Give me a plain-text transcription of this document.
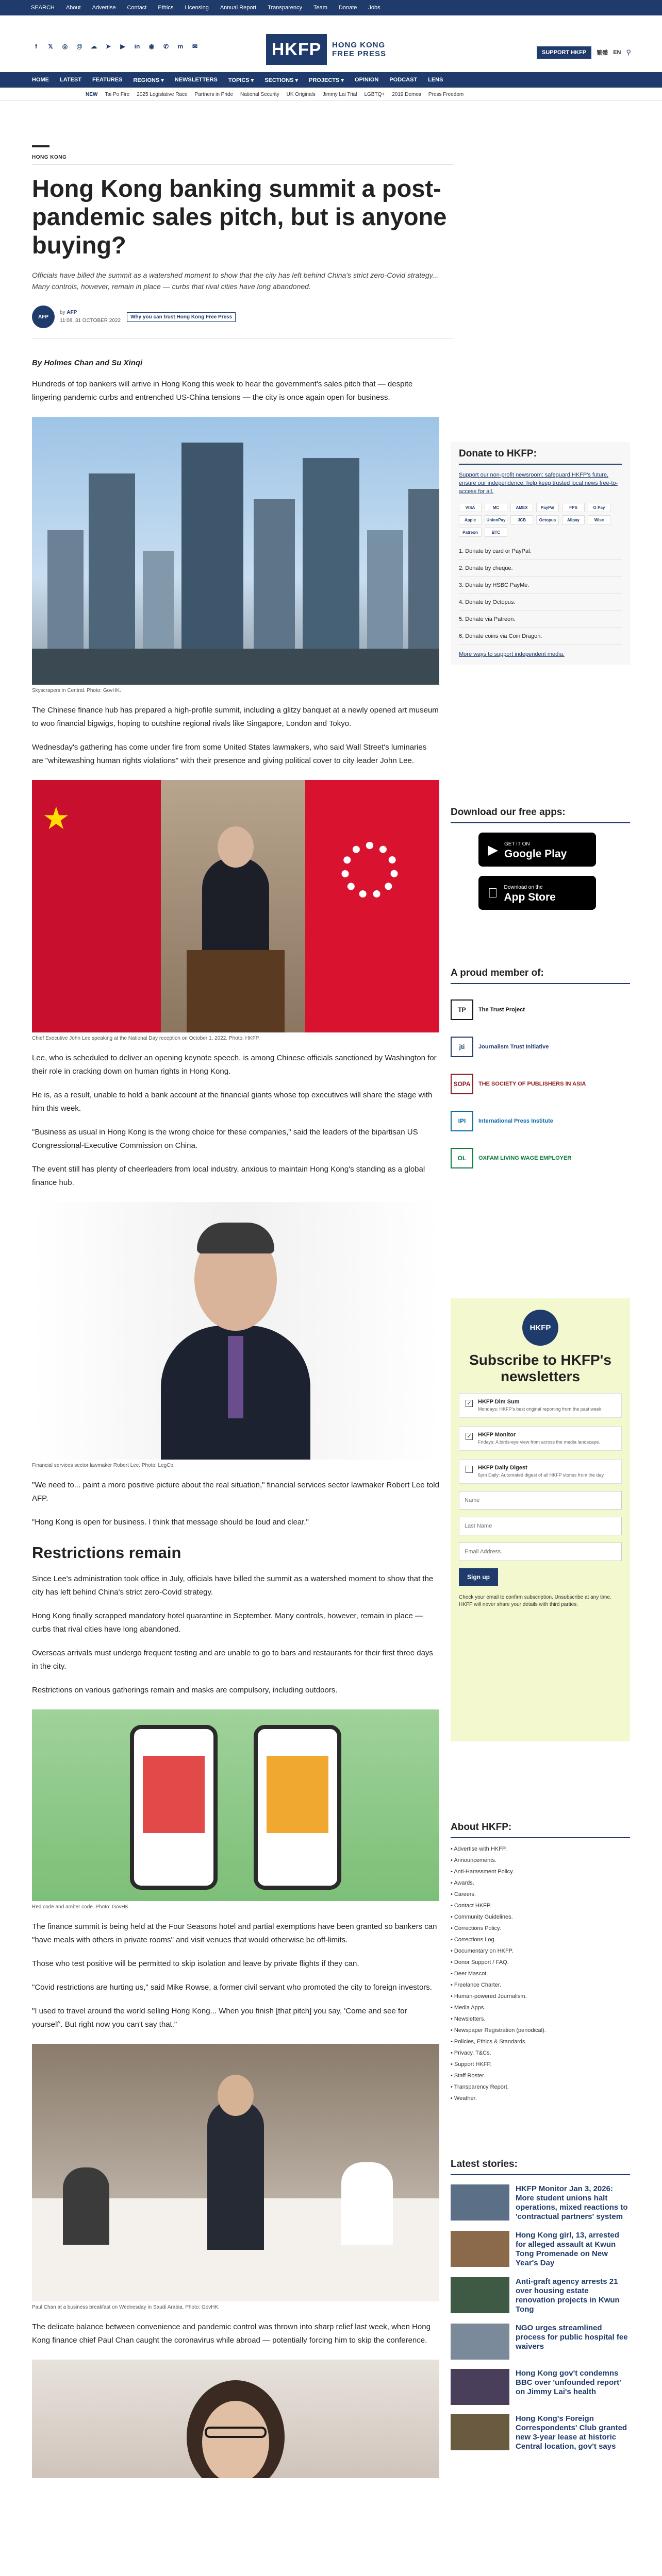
SEARCH About Advertise Contact Ethics Licensing Annual Report Transparency Team Donate Jobs
f	𝕏 ◎ @ ☁ ➤ ▶ in ◉ ✆ m ✉	HKFP	HONG KONG
FREE PRESS	SUPPORT HKFP	繁體 EN ⚲
HOME LATEST FEATURES REGIONS ▾ NEWSLETTERS TOPICS ▾ SECTIONS ▾ PROJECTS ▾ OPINION PODCAST LENS
NEW Tai Po Fire 2025 Legislative Race Partners in Pride National Security UK Originals Jimmy Lai Trial LGBTQ+ 2019 Demos Press Freedom
HONG KONG
Hong Kong banking summit a post-pandemic sales pitch, but is anyone buying?

Officials have billed the summit as a watershed moment to show that the city has left behind China's strict zero-Covid strategy... Many controls, however, remain in place — curbs that rival cities have long abandoned.

AFP
by AFP
11:08, 31 OCTOBER 2022
Why you can trust Hong Kong Free Press
By Holmes Chan and Su Xinqi

Hundreds of top bankers will arrive in Hong Kong this week to hear the government's sales pitch that — despite lingering pandemic curbs and entrenched US-China tensions — the city is once again open for business.

Skyscrapers in Central. Photo: GovHK.

The Chinese finance hub has prepared a high-profile summit, including a glitzy banquet at a newly opened art museum to woo financial bigwigs, hoping to outshine regional rivals like Singapore, London and Tokyo.

Wednesday's gathering has come under fire from some United States lawmakers, who said Wall Street's luminaries are "whitewashing human rights violations" with their presence and giving political cover to city leader John Lee.

★
Chief Executive John Lee speaking at the National Day reception on October 1, 2022. Photo: HKFP.

Lee, who is scheduled to deliver an opening keynote speech, is among Chinese officials sanctioned by Washington for their role in cracking down on human rights in Hong Kong.

He is, as a result, unable to hold a bank account at the financial giants whose top executives will share the stage with him this week.

"Business as usual in Hong Kong is the wrong choice for these companies," said the leaders of the bipartisan US Congressional-Executive Commission on China.

The event still has plenty of cheerleaders from local industry, anxious to maintain Hong Kong's standing as a global finance hub.

Financial services sector lawmaker Robert Lee. Photo: LegCo.

"We need to... paint a more positive picture about the real situation," financial services sector lawmaker Robert Lee told AFP.

"Hong Kong is open for business. I think that message should be loud and clear."

Restrictions remain

Since Lee's administration took office in July, officials have billed the summit as a watershed moment to show that the city has left behind China's strict zero-Covid strategy.

Hong Kong finally scrapped mandatory hotel quarantine in September. Many controls, however, remain in place — curbs that rival cities have long abandoned.

Overseas arrivals must undergo frequent testing and are unable to go to bars and restaurants for their first three days in the city.

Restrictions on various gatherings remain and masks are compulsory, including outdoors.

Red code and amber code. Photo: GovHK.

The finance summit is being held at the Four Seasons hotel and partial exemptions have been granted so bankers can "have meals with others in private rooms" and visit venues that would otherwise be off-limits.

Those who test positive will be permitted to skip isolation and leave by private flights if they can.

"Covid restrictions are hurting us," said Mike Rowse, a former civil servant who promoted the city to foreign investors.

"I used to travel around the world selling Hong Kong... When you finish [that pitch] you say, 'Come and see for yourself'. But right now you can't say that."

Paul Chan at a business breakfast on Wednesday in Saudi Arabia. Photo: GovHK.

The delicate balance between convenience and pandemic control was thrown into sharp relief last week, when Hong Kong finance chief Paul Chan caught the coronavirus while abroad — potentially forcing him to skip the conference.

Donate to HKFP:
Support our non-profit newsroom: safeguard HKFP's future, ensure our independence, help keep trusted local news free-to-access for all.
VISA	MC	AMEX	PayPal	FPS	G Pay
Apple	UnionPay	JCB	Octopus	Alipay	Wise
Patreon	BTC
1. Donate by card or PayPal.
2. Donate by cheque.
3. Donate by HSBC PayMe.
4. Donate by Octopus.
5. Donate via Patreon.
6. Donate coins via Coin Dragon.
More ways to support independent media.
Download our free apps:
▶ GET IT ON
Google Play
Download on the
App Store
A proud member of:
TP	The Trust Project
jti	Journalism Trust Initiative
SOPA	THE SOCIETY OF PUBLISHERS IN ASIA
IPI	International Press Institute
OL	OXFAM LIVING WAGE EMPLOYER
HKFP
Subscribe to HKFP's newsletters
✓ HKFP Dim Sum
Mondays: HKFP's best original reporting from the past week.
✓ HKFP Monitor
Fridays: A birds-eye view from across the media landscape.
HKFP Daily Digest
6pm Daily: Automated digest of all HKFP stories from the day.
Name Last Name Email Address Sign up
Check your email to confirm subscription. Unsubscribe at any time. HKFP will never share your details with third parties.
About HKFP:
• Advertise with HKFP.
• Announcements.
• Anti-Harassment Policy.
• Awards.
• Careers.
• Contact HKFP.
• Community Guidelines.
• Corrections Policy.
• Corrections Log.
• Documentary on HKFP.
• Donor Support / FAQ.
• Deer Mascot.
• Freelance Charter.
• Human-powered Journalism.
• Media Apps.
• Newsletters.
• Newspaper Registration (periodical).
• Policies, Ethics & Standards.
• Privacy, T&Cs.
• Support HKFP.
• Staff Roster.
• Transparency Report.
• Weather.
Latest stories:
HKFP Monitor Jan 3, 2026: More student unions halt operations, mixed reactions to 'contractual partners' system
Hong Kong girl, 13, arrested for alleged assault at Kwun Tong Promenade on New Year's Day
Anti-graft agency arrests 21 over housing estate renovation projects in Kwun Tong
NGO urges streamlined process for public hospital fee waivers
Hong Kong gov't condemns BBC over 'unfounded report' on Jimmy Lai's health
Hong Kong's Foreign Correspondents' Club granted new 3-year lease at historic Central location, gov't says
